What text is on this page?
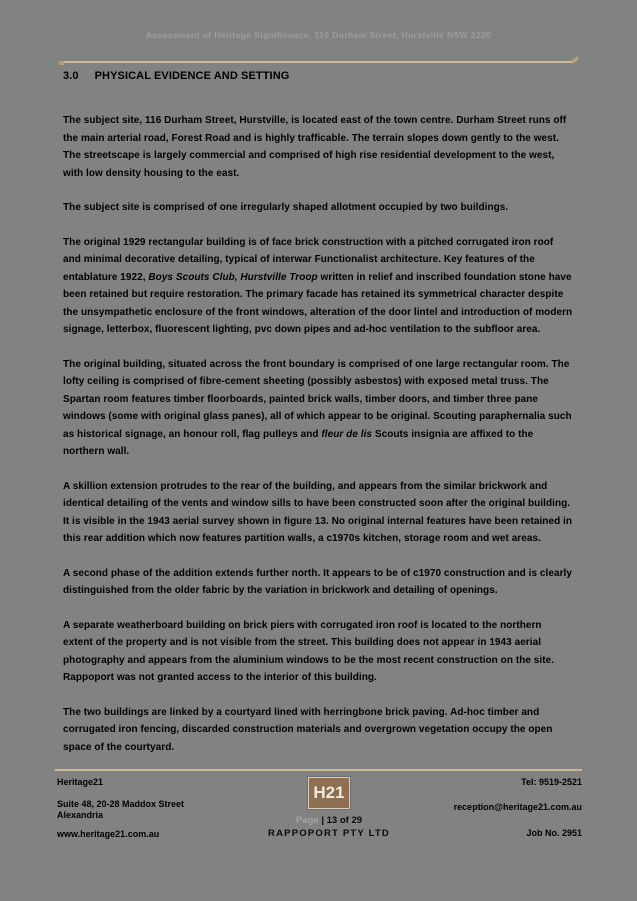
Assessment of Heritage Significance, 116 Durham Street, Hurstville NSW 2220
3.0 PHYSICAL EVIDENCE AND SETTING

The subject site, 116 Durham Street, Hurstville, is located east of the town centre. Durham Street runs off the main arterial road, Forest Road and is highly trafficable. The terrain slopes down gently to the west. The streetscape is largely commercial and comprised of high rise residential development to the west, with low density housing to the east.

The subject site is comprised of one irregularly shaped allotment occupied by two buildings.

The original 1929 rectangular building is of face brick construction with a pitched corrugated iron roof and minimal decorative detailing, typical of interwar Functionalist architecture. Key features of the entablature 1922, Boys Scouts Club, Hurstville Troop written in relief and inscribed foundation stone have been retained but require restoration. The primary facade has retained its symmetrical character despite the unsympathetic enclosure of the front windows, alteration of the door lintel and introduction of modern signage, letterbox, fluorescent lighting, pvc down pipes and ad-hoc ventilation to the subfloor area.

The original building, situated across the front boundary is comprised of one large rectangular room. The lofty ceiling is comprised of fibre-cement sheeting (possibly asbestos) with exposed metal truss. The Spartan room features timber floorboards, painted brick walls, timber doors, and timber three pane windows (some with original glass panes), all of which appear to be original. Scouting paraphernalia such as historical signage, an honour roll, flag pulleys and fleur de lis Scouts insignia are affixed to the northern wall.

A skillion extension protrudes to the rear of the building, and appears from the similar brickwork and identical detailing of the vents and window sills to have been constructed soon after the original building. It is visible in the 1943 aerial survey shown in figure 13. No original internal features have been retained in this rear addition which now features partition walls, a c1970s kitchen, storage room and wet areas.

A second phase of the addition extends further north. It appears to be of c1970 construction and is clearly distinguished from the older fabric by the variation in brickwork and detailing of openings.

A separate weatherboard building on brick piers with corrugated iron roof is located to the northern extent of the property and is not visible from the street. This building does not appear in 1943 aerial photography and appears from the aluminium windows to be the most recent construction on the site. Rappoport was not granted access to the interior of this building.

The two buildings are linked by a courtyard lined with herringbone brick paving. Ad-hoc timber and corrugated iron fencing, discarded construction materials and overgrown vegetation occupy the open space of the courtyard.

Heritage21
Suite 48, 20-28 Maddox Street
Alexandria
www.heritage21.com.au
H21
Page | 13 of 29
RAPPOPORT PTY LTD
Tel: 9519-2521
reception@heritage21.com.au
Job No. 2951
